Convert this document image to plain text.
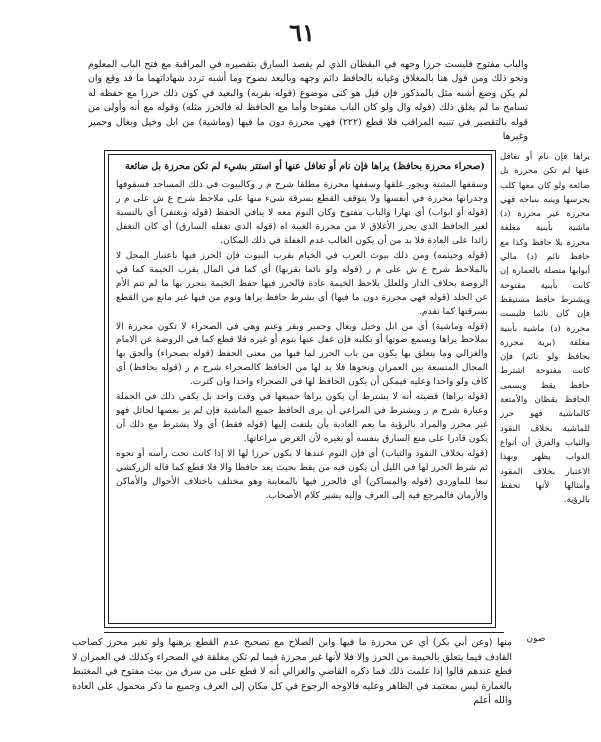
٦١
والباب مفتوح فليست حرزا وجهه في البقظان الذي لم يقصد السارق بتقصيره في المراقبة مع فتح الباب المعلوم ونحو ذلك ومن قول هنا بالمغلاق وغيابه بالحافظ دائم وجهه وبالبعد نصوح وما أشبه تردد شهاداتهما ما قد وقع وان لم يكن وضع أشبه مثل بالمذكور فإن قيل هو كنى موضوع (قوله بقربه) والبعيد في كون ذلك حرزا مع حفظه له تسامح ما لم يغلق ذلك (قوله وال ولو كان الباب مفتوحا وأما مع الحافظ له فالحرز مثله) وقوله مع أنه وأولى من قوله بالتقصير في تنبيه المراقب فلا قطع (٢٢٢) فهي محرزة دون ما فيها (وماشية) من ابل وخيل وبغال وحمير وغيرها
(صحراء محرزة بحافظ) يراها فإن نام أو تغافل عنها أو استتر بشيء لم تكن محرزة بل ضائعة

وسقفها المثبتة وبجور غلقها وسقفها محرزة مطلقا شرح م ر وكالبيوت في ذلك المساجد فسقوفها وجدرانها محرزة في أنفسها ولا يتوقف القطع بسرقة شيء منها على ملاحظ شرح ع ش على م ر (قوله أو ابواب) أي نهارا والباب مفتوح وكان النوم معه لا ينافي الحفظ (قوله ويغتفر) أي بالنسبة لغير الحافظ الذي يحرز الأغلاق لا من محرزة الغيبة اه (قوله الذي تغفله السارق) أي كان التغفل زائدا على العادة فلا بد من أن يكون الغالب عدم الغفلة في ذلك المكان.

(قوله وحيثمه) ومن ذلك بيوت العرب في الخيام بقرب البيوت فإن الحرز فيها باعتبار المحل لا بالملاحظ شرح ع ش على م ر (قوله ولو نائما بقربها) أي كما في المال يقرب الخيمة كما في الروضة بخلاف الدار وللعلل يلاحظ الخيمة عادة فالحرز فيها حفظ الخيمة يتحرز بها ما لم تنم الأم عن الجلد (قوله فهي محرزة دون ما فيها) أي بشرط حافظ يراها ونوم من فيها غير مانع من القطع بسرقتها كما تقدم.

(قوله وماشية) أي من ابل وخيل وبغال وحمير وبقر وغنم وهي في الصحراء لا تكون محرزة الا بملاحظ يراها ويسمع صوتها أو بكلبه فإن غفل عنها بنوم أو غيره فلا قطع كما في الروضة عن الامام والغزالي وما يتعلق بها يكون من باب الحرز لما فيها من معنى الحفظ (قوله بصحراء) وألحق بها المحال المتسعة بين العمران ونحوها فلا بد لها من الحافظ كالصحراء شرح م ر (قوله بحافظ) أي كاف ولو واحدا وعليه فيمكن أن يكون الحافظ لها في الصحراء واحدا وان كثرت.

(قوله يراها) قضيته أنه لا يشترط أن يكون يراها جميعها في وقت واحد بل يكفي ذلك في الجملة وعبارة شرح م ر ويشترط في المراعي أن يرى الحافظ جميع الماشية فإن لم ير بعضها لحائل فهو غير محرز والمراد بالرؤية ما يعم العادية بأن يلتفت إليها (قوله فقط) أي ولا يشترط مع ذلك أن يكون قادرا على منع السارق بنفسه أو بغيره لأن الغرض مراعاتها.

(قوله بخلاف النقود والثياب) أي فإن النوم عندها لا يكون حرزا لها الا إذا كانت تحت رأسه أو نحوه ثم شرط الحرز لها في الليل أن يكون فيه من يقظ بحيث يعد حافظا والا فلا قطع كما قاله الزركشي تبعا للماوردي (قوله والمساكن) أي فالحرز فيها بالمعاينة وهو مختلف باختلاف الأحوال والأماكن والأزمان فالمرجع فيه إلى العرف وإليه يشير كلام الأصحاب.

يراها فإن نام أو تغافل عنها لم تكن محرزة بل ضائعة ولو كان معها كلب يحرسها وينبه بنباحه فهي محرزة غير محرزة (د) ماشية بأبنية مغلقة محرزة بلا حافظ وكذا مع حافظ نائم (د) مالي أبوابها متصلة بالعمارة إن كانت بأبنية مفتوحة ويشترط حافظ مستيقظ فإن كان نائما فليست محرزة (د) ماشية بأبنية مغلقة (برية محرزة بحافظ ولو نائم) فإن كانت مفتوحة اشترط حافظ يقظ ويسمى الحافظ يقظان والأمتعة كالماشية فهو حرز للماشية بخلاف النقود والثياب والفرق أن أنواع الدواب يظهر وبهذا الاعتبار بخلاف المقود وأمثالها لأنها تحفظ بالرؤية.

صون

منها (وعن أبي بكر) أي عن محرزة ما فيها وابن الصلاح مع تصحيح عدم القطع برهنها ولو تغير محرز كصاحب القادف فيما يتعلق بالخيمة من الحرز وإلا فلا لأنها غير محرزة فيما لم تكن مغلقة في الصحراء وكذلك في العمران لا قطع عندهم قالوا إذا علمت ذلك فما ذكره القاضي والغزالي أنه لا قطع على من سرق من بيت مفتوح في المغتبط بالعمارة ليس بمعتمد في الظاهر وعليه فالاوجه الرجوع في كل مكان إلى العرف وجميع ما ذكر محمول على العادة والله أعلم
